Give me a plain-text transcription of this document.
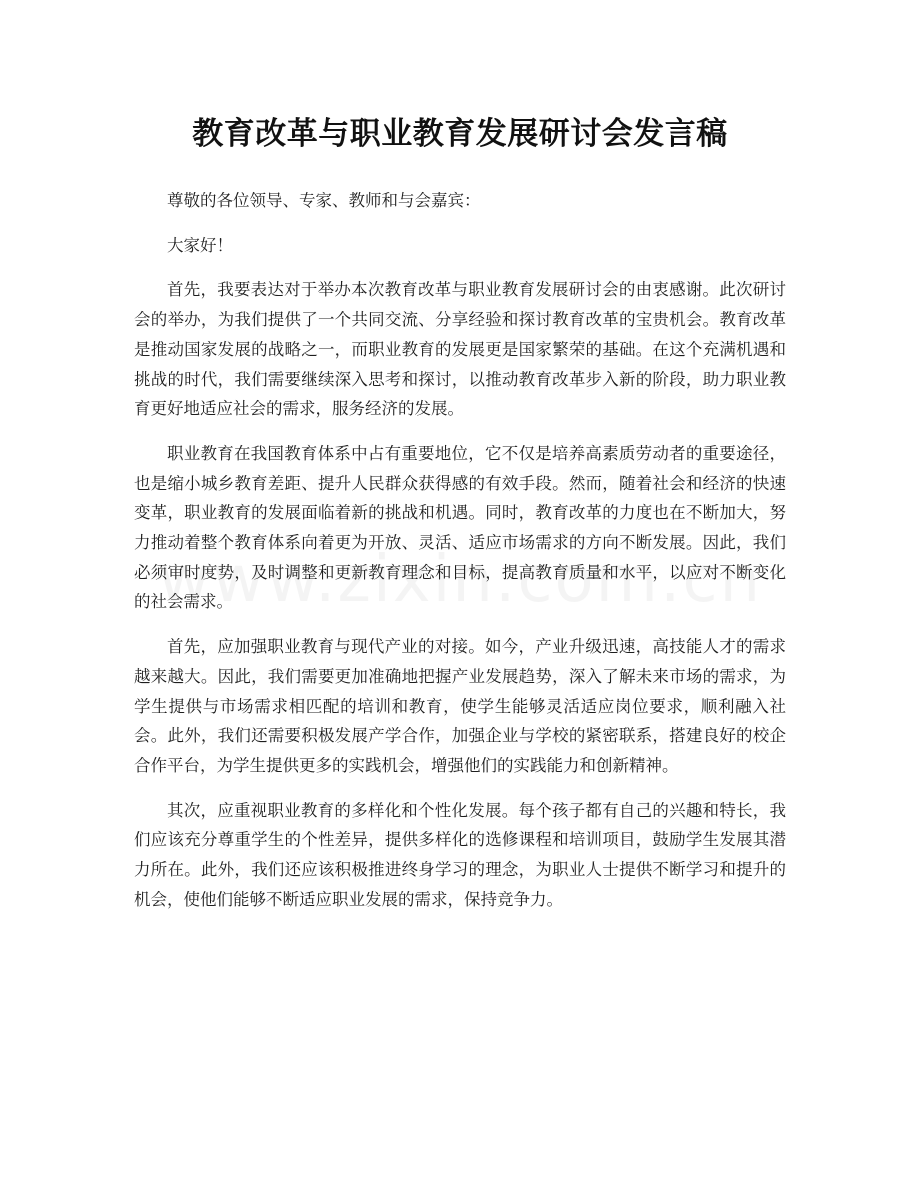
教育改革与职业教育发展研讨会发言稿

尊敬的各位领导、专家、教师和与会嘉宾：

大家好！

首先，我要表达对于举办本次教育改革与职业教育发展研讨会的由衷感谢。此次研讨会的举办，为我们提供了一个共同交流、分享经验和探讨教育改革的宝贵机会。教育改革是推动国家发展的战略之一，而职业教育的发展更是国家繁荣的基础。在这个充满机遇和挑战的时代，我们需要继续深入思考和探讨，以推动教育改革步入新的阶段，助力职业教育更好地适应社会的需求，服务经济的发展。

职业教育在我国教育体系中占有重要地位，它不仅是培养高素质劳动者的重要途径，也是缩小城乡教育差距、提升人民群众获得感的有效手段。然而，随着社会和经济的快速变革，职业教育的发展面临着新的挑战和机遇。同时，教育改革的力度也在不断加大，努力推动着整个教育体系向着更为开放、灵活、适应市场需求的方向不断发展。因此，我们必须审时度势，及时调整和更新教育理念和目标，提高教育质量和水平，以应对不断变化的社会需求。

首先，应加强职业教育与现代产业的对接。如今，产业升级迅速，高技能人才的需求越来越大。因此，我们需要更加准确地把握产业发展趋势，深入了解未来市场的需求，为学生提供与市场需求相匹配的培训和教育，使学生能够灵活适应岗位要求，顺利融入社会。此外，我们还需要积极发展产学合作，加强企业与学校的紧密联系，搭建良好的校企合作平台，为学生提供更多的实践机会，增强他们的实践能力和创新精神。

其次，应重视职业教育的多样化和个性化发展。每个孩子都有自己的兴趣和特长，我们应该充分尊重学生的个性差异，提供多样化的选修课程和培训项目，鼓励学生发展其潜力所在。此外，我们还应该积极推进终身学习的理念，为职业人士提供不断学习和提升的机会，使他们能够不断适应职业发展的需求，保持竞争力。
